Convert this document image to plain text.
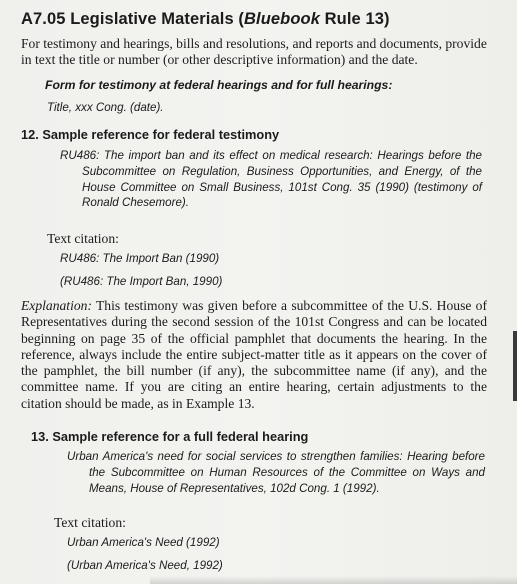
A7.05 Legislative Materials (Bluebook Rule 13)

For testimony and hearings, bills and resolutions, and reports and documents, provide in text the title or number (or other descriptive information) and the date.

Form for testimony at federal hearings and for full hearings:

Title, xxx Cong. (date).

12. Sample reference for federal testimony

RU486: The import ban and its effect on medical research: Hearings before the Subcommittee on Regulation, Business Opportunities, and Energy, of the House Committee on Small Business, 101st Cong. 35 (1990) (testimony of Ronald Chesemore).

Text citation:

RU486: The Import Ban (1990)

(RU486: The Import Ban, 1990)

Explanation: This testimony was given before a subcommittee of the U.S. House of Representatives during the second session of the 101st Congress and can be located beginning on page 35 of the official pamphlet that documents the hearing. In the reference, always include the entire subject-matter title as it appears on the cover of the pamphlet, the bill number (if any), the subcommittee name (if any), and the committee name. If you are citing an entire hearing, certain adjustments to the citation should be made, as in Example 13.

13. Sample reference for a full federal hearing

Urban America's need for social services to strengthen families: Hearing before the Subcommittee on Human Resources of the Committee on Ways and Means, House of Representatives, 102d Cong. 1 (1992).

Text citation:

Urban America's Need (1992)

(Urban America's Need, 1992)
